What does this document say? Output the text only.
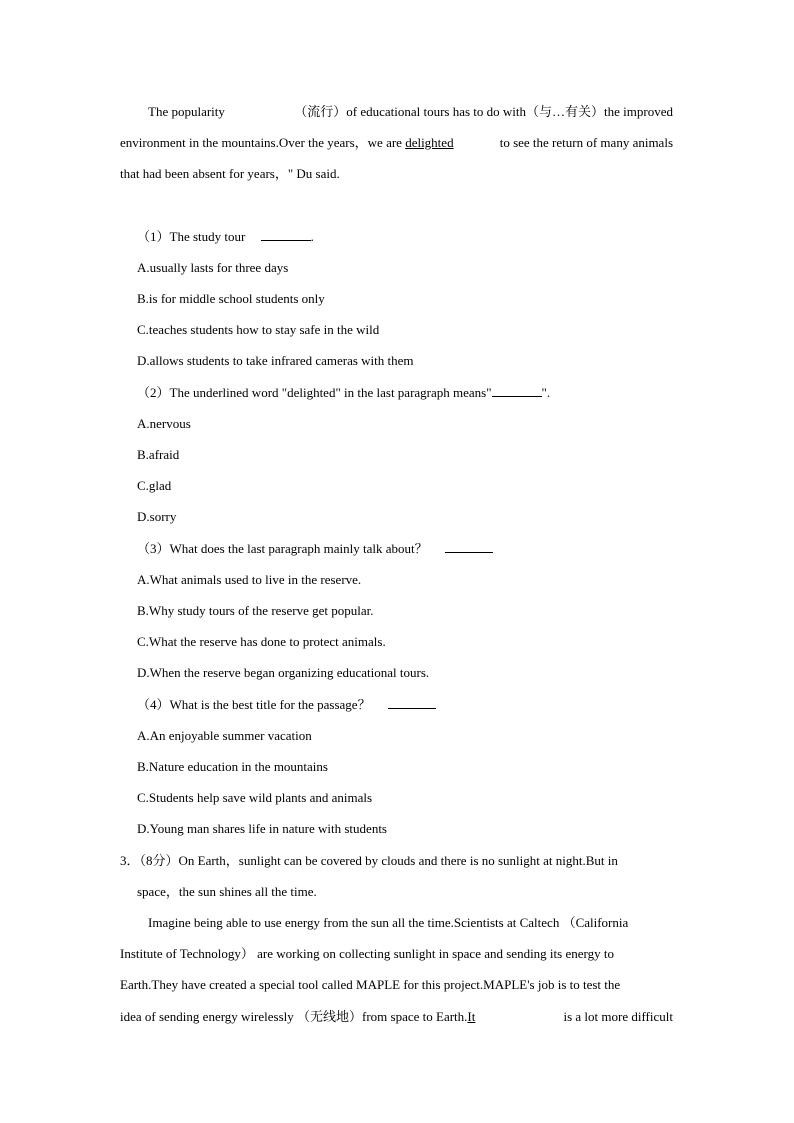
The popularity	（流行）of educational tours has to do with（与…有关）the improved
environment in the mountains.Over the years，we are delighted	to see the return of many animals
that had been absent for years，" Du said.
（1）The study tour	.
A.usually lasts for three days
B.is for middle school students only
C.teaches students how to stay safe in the wild
D.allows students to take infrared cameras with them
（2）The underlined word "delighted" in the last paragraph means"	".
A.nervous
B.afraid
C.glad
D.sorry
（3）What does the last paragraph mainly talk about？
A.What animals used to live in the reserve.
B.Why study tours of the reserve get popular.
C.What the reserve has done to protect animals.
D.When the reserve began organizing educational tours.
（4）What is the best title for the passage？
A.An enjoyable summer vacation
B.Nature education in the mountains
C.Students help save wild plants and animals
D.Young man shares life in nature with students
3．（8分）On Earth，sunlight can be covered by clouds and there is no sunlight at night.But in
space，the sun shines all the time.
Imagine being able to use energy from the sun all the time.Scientists at Caltech （California
Institute of Technology） are working on collecting sunlight in space and sending its energy to
Earth.They have created a special tool called MAPLE for this project.MAPLE's job is to test the
idea of sending energy wirelessly （无线地）from space to Earth.It	is a lot more difficult
